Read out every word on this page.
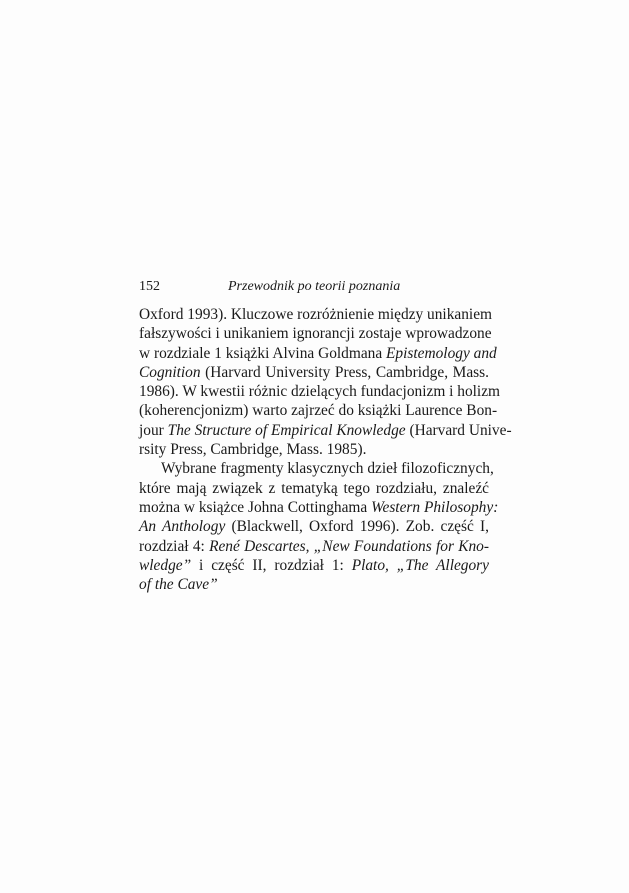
152	Przewodnik po teorii poznania
Oxford 1993). Kluczowe rozróżnienie między unikaniem
fałszywości i unikaniem ignorancji zostaje wprowadzone
w rozdziale 1 książki Alvina Goldmana Epistemology and
Cognition (Harvard University Press, Cambridge, Mass.
1986). W kwestii różnic dzielących fundacjonizm i holizm
(koherencjonizm) warto zajrzeć do książki Laurence Bon-
jour The Structure of Empirical Knowledge (Harvard Unive-
rsity Press, Cambridge, Mass. 1985).
Wybrane fragmenty klasycznych dzieł filozoficznych,
które mają związek z tematyką tego rozdziału, znaleźć
można w książce Johna Cottinghama Western Philosophy:
An Anthology (Blackwell, Oxford 1996). Zob. część I,
rozdział 4: René Descartes, „New Foundations for Kno-
wledge” i część II, rozdział 1: Plato, „The Allegory
of the Cave”
